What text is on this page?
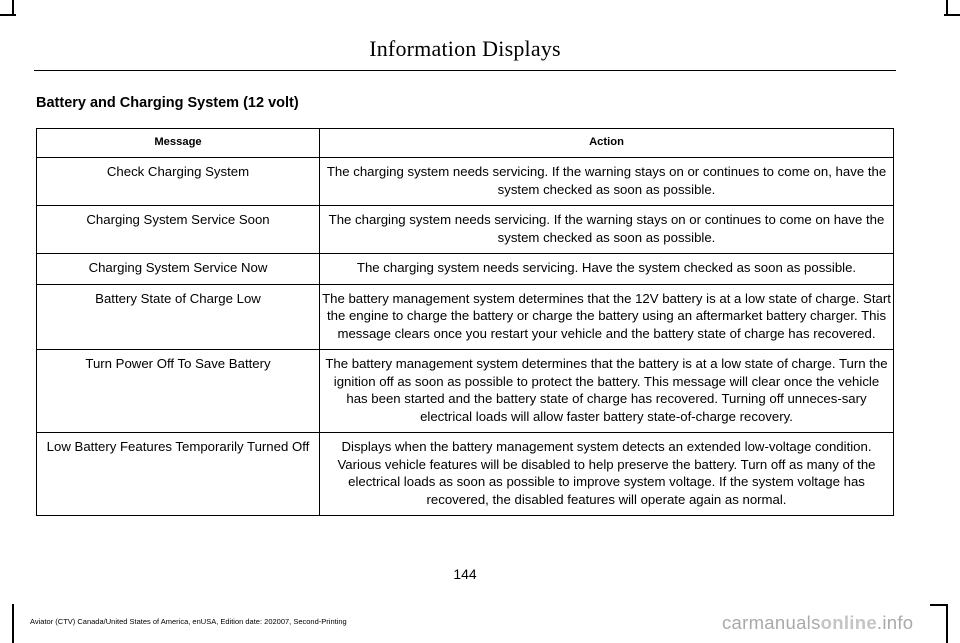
Information Displays
Battery and Charging System (12 volt)
Message	Action
Check Charging System	The charging system needs servicing. If the warning stays on or continues to come on, have the system checked as soon as possible.
Charging System Service Soon	The charging system needs servicing. If the warning stays on or continues to come on have the system checked as soon as possible.
Charging System Service Now	The charging system needs servicing. Have the system checked as soon as possible.
Battery State of Charge Low	The battery management system determines that the 12V battery is at a low state of charge. Start the engine to charge the battery or charge the battery using an aftermarket battery charger. This message clears once you restart your vehicle and the battery state of charge has recovered.
Turn Power Off To Save Battery	The battery management system determines that the battery is at a low state of charge. Turn the ignition off as soon as possible to protect the battery. This message will clear once the vehicle has been started and the battery state of charge has recovered. Turning off unneces-sary electrical loads will allow faster battery state-of-charge recovery.
Low Battery Features Temporarily Turned Off	Displays when the battery management system detects an extended low-voltage condition. Various vehicle features will be disabled to help preserve the battery. Turn off as many of the electrical loads as soon as possible to improve system voltage. If the system voltage has recovered, the disabled features will operate again as normal.
144
Aviator (CTV) Canada/United States of America, enUSA, Edition date: 202007, Second-Printing	carmanualsonline.info
